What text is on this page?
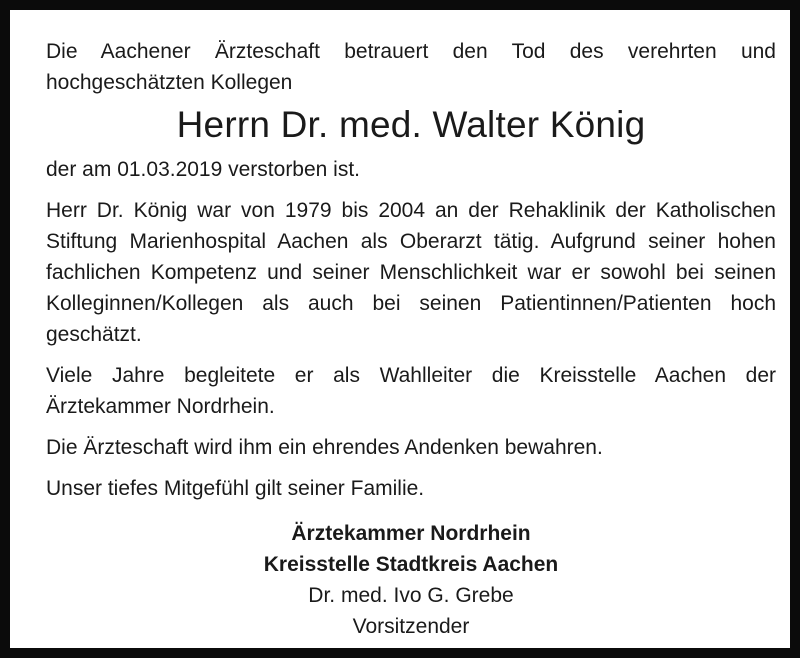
Die Aachener Ärzteschaft betrauert den Tod des verehrten und hochgeschätzten Kollegen

Herrn Dr. med. Walter König

der am 01.03.2019 verstorben ist.

Herr Dr. König war von 1979 bis 2004 an der Rehaklinik der Katholischen Stiftung Marienhospital Aachen als Oberarzt tätig. Aufgrund seiner hohen fachlichen Kompetenz und seiner Menschlichkeit war er sowohl bei seinen Kolleginnen/Kollegen als auch bei seinen Patientinnen/Patienten hoch geschätzt.

Viele Jahre begleitete er als Wahlleiter die Kreisstelle Aachen der Ärztekammer Nordrhein.

Die Ärzteschaft wird ihm ein ehrendes Andenken bewahren.

Unser tiefes Mitgefühl gilt seiner Familie.

Ärztekammer Nordrhein

Kreisstelle Stadtkreis Aachen

Dr. med. Ivo G. Grebe

Vorsitzender
